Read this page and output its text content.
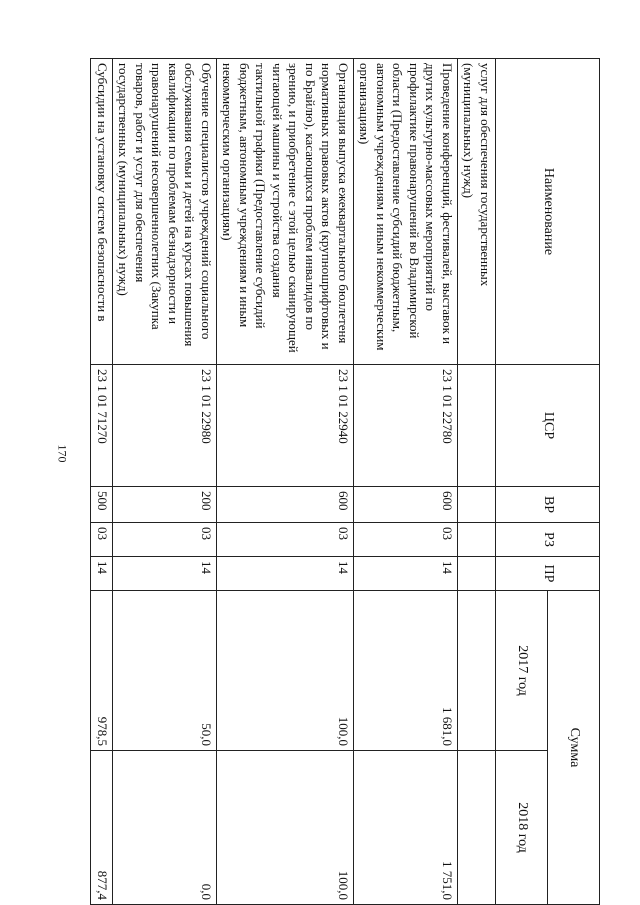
170
Наименование	ЦСР	ВР	РЗ	ПР	Сумма	
					2017 год	2018 год
услуг для обеспечения государственных (муниципальных) нужд)						
Проведение конференций, фестивалей, выставок и других культурно-массовых мероприятий по профилактике правонарушений во Владимирской области (Предоставление субсидий бюджетным, автономным учреждениям и иным некоммерческим организациям)	23 1 01 22780	600	03	14	1 681,0	1 751,0
Организация выпуска ежеквартального бюллетеня нормативных правовых актов (крупношрифтовых и по Брайлю), касающихся проблем инвалидов по зрению, и приобретение с этой целью сканирующей читающей машины и устройства создания тактильной графики (Предоставление субсидий бюджетным, автономным учреждениям и иным некоммерческим организациям)	23 1 01 22940	600	03	14	100,0	100,0
Обучение специалистов учреждений социального обслуживания семьи и детей на курсах повышения квалификации по проблемам безнадзорности и правонарушений несовершеннолетних (Закупка товаров, работ и услуг для обеспечения государственных (муниципальных) нужд)	23 1 01 22980	200	03	14	50,0	0,0
Субсидии на установку систем безопасности в	23 1 01 71270	500	03	14	978,5	877,4
